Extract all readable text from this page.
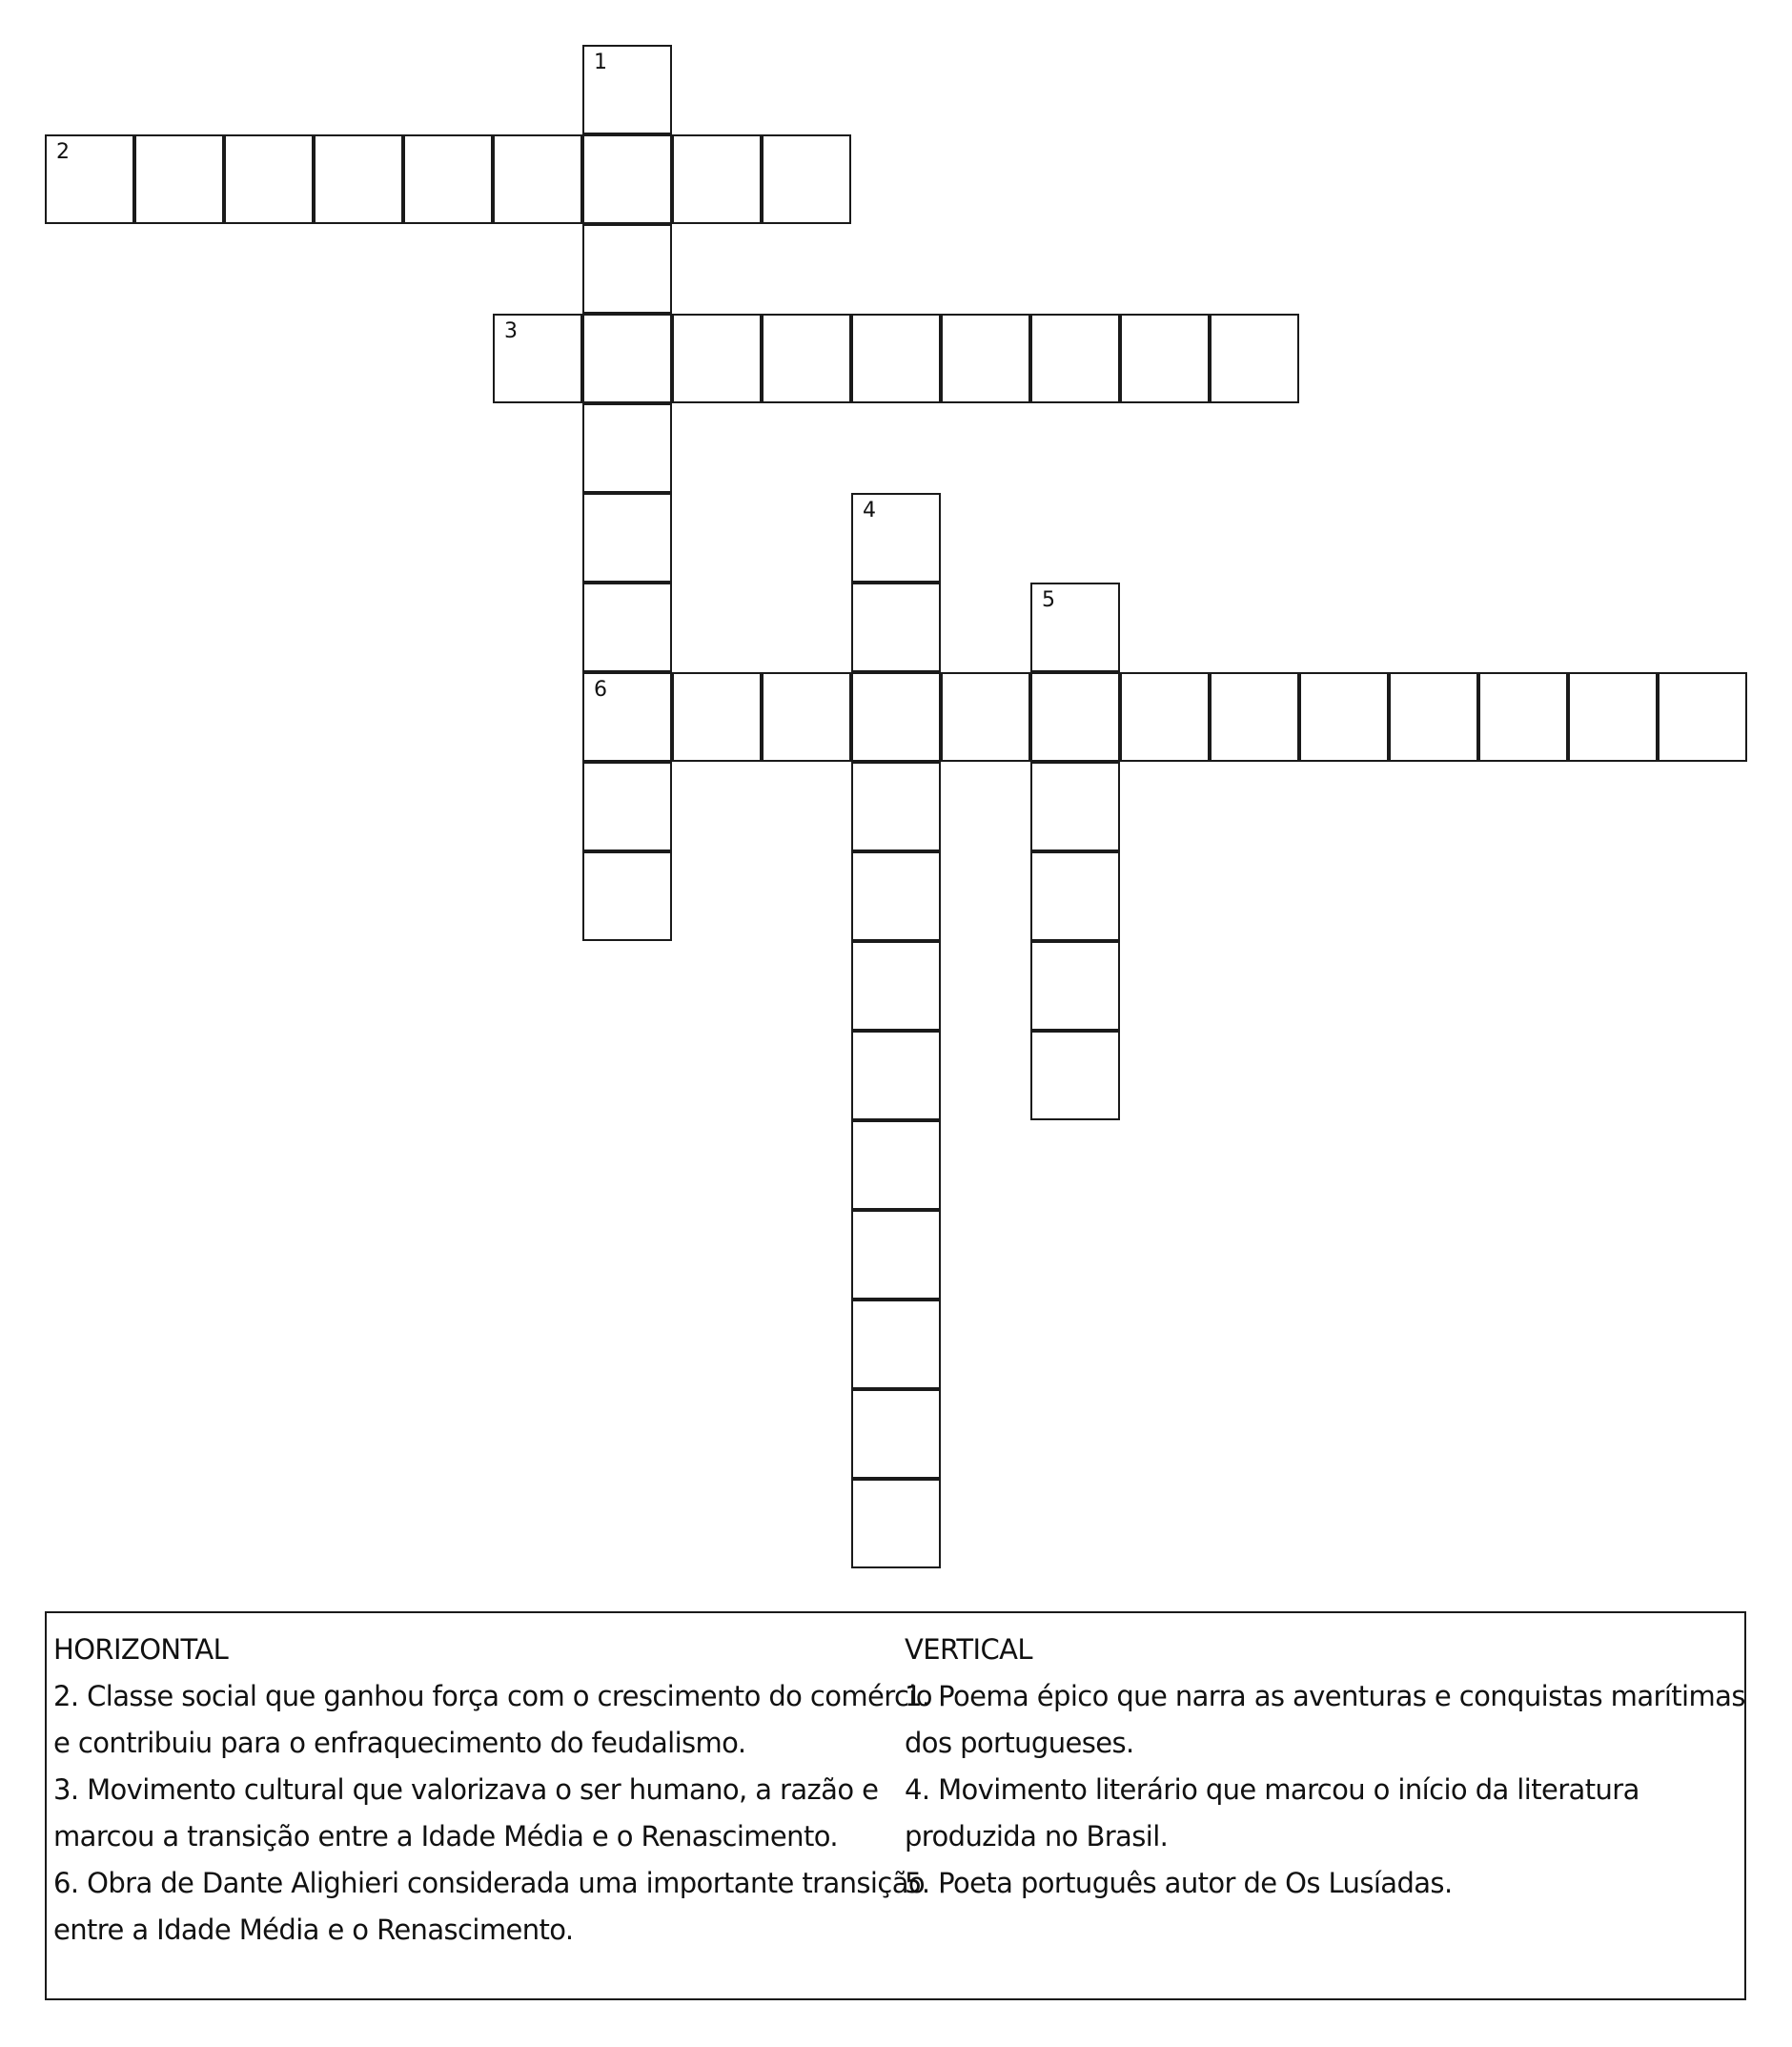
1
6
2
3
4
5
HORIZONTAL
2. Classe social que ganhou força com o crescimento do comércio
e contribuiu para o enfraquecimento do feudalismo.
3. Movimento cultural que valorizava o ser humano, a razão e
marcou a transição entre a Idade Média e o Renascimento.
6. Obra de Dante Alighieri considerada uma importante transição
entre a Idade Média e o Renascimento.
VERTICAL
1. Poema épico que narra as aventuras e conquistas marítimas
dos portugueses.
4. Movimento literário que marcou o início da literatura
produzida no Brasil.
5. Poeta português autor de Os Lusíadas.
